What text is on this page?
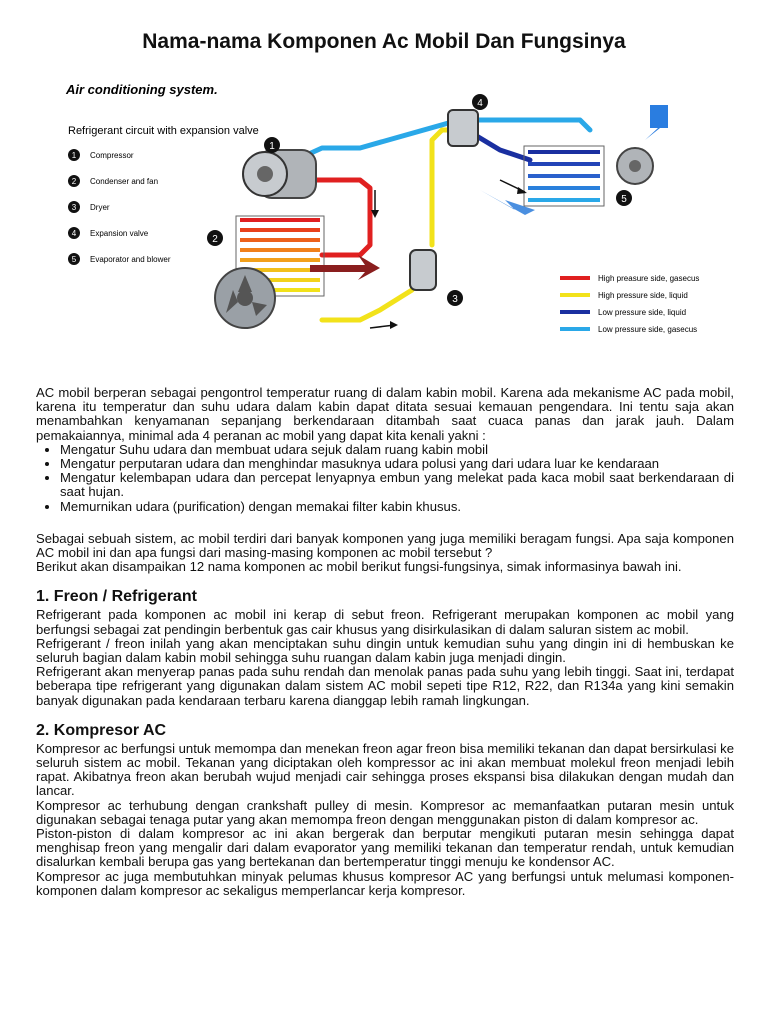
Nama-nama Komponen Ac Mobil Dan Fungsinya
Air conditioning system.
Refrigerant circuit with expansion valve
1 Compressor
2 Condenser and fan
3 Dryer
4 Expansion valve
5 Evaporator and blower
1
3
4
5
2
High preasure side, gasecus
High pressure side, liquid
Low pressure side, liquid
Low pressure side, gasecus

AC mobil berperan sebagai pengontrol temperatur ruang di dalam kabin mobil. Karena ada mekanisme AC pada mobil, karena itu temperatur dan suhu udara dalam kabin dapat ditata sesuai kemauan pengendara. Ini tentu saja akan menambahkan kenyamanan sepanjang berkendaraan ditambah saat cuaca panas dan jarak jauh. Dalam pemakaiannya, minimal ada 4 peranan ac mobil yang dapat kita kenali yakni :

• Mengatur Suhu udara dan membuat udara sejuk dalam ruang kabin mobil
• Mengatur perputaran udara dan menghindar masuknya udara polusi yang dari udara luar ke kendaraan
• Mengatur kelembapan udara dan percepat lenyapnya embun yang melekat pada kaca mobil saat berkendaraan di saat hujan.
• Memurnikan udara (purification) dengan memakai filter kabin khusus.

Sebagai sebuah sistem, ac mobil terdiri dari banyak komponen yang juga memiliki beragam fungsi. Apa saja komponen AC mobil ini dan apa fungsi dari masing-masing komponen ac mobil tersebut ?

Berikut akan disampaikan 12 nama komponen ac mobil berikut fungsi-fungsinya, simak informasinya bawah ini.

1. Freon / Refrigerant

Refrigerant pada komponen ac mobil ini kerap di sebut freon. Refrigerant merupakan komponen ac mobil yang berfungsi sebagai zat pendingin berbentuk gas cair khusus yang disirkulasikan di dalam saluran sistem ac mobil.

Refrigerant / freon inilah yang akan menciptakan suhu dingin untuk kemudian suhu yang dingin ini di hembuskan ke seluruh bagian dalam kabin mobil sehingga suhu ruangan dalam kabin juga menjadi dingin.

Refrigerant akan menyerap panas pada suhu rendah dan menolak panas pada suhu yang lebih tinggi. Saat ini, terdapat beberapa tipe refrigerant yang digunakan dalam sistem AC mobil sepeti tipe R12, R22, dan R134a yang kini semakin banyak digunakan pada kendaraan terbaru karena dianggap lebih ramah lingkungan.

2. Kompresor AC

Kompresor ac berfungsi untuk memompa dan menekan freon agar freon bisa memiliki tekanan dan dapat bersirkulasi ke seluruh sistem ac mobil. Tekanan yang diciptakan oleh kompressor ac ini akan membuat molekul freon menjadi lebih rapat. Akibatnya freon akan berubah wujud menjadi cair sehingga proses ekspansi bisa dilakukan dengan mudah dan lancar.

Kompresor ac terhubung dengan crankshaft pulley di mesin. Kompresor ac memanfaatkan putaran mesin untuk digunakan sebagai tenaga putar yang akan memompa freon dengan menggunakan piston di dalam kompresor ac.

Piston-piston di dalam kompresor ac ini akan bergerak dan berputar mengikuti putaran mesin sehingga dapat menghisap freon yang mengalir dari dalam evaporator yang memiliki tekanan dan temperatur rendah, untuk kemudian disalurkan kembali berupa gas yang bertekanan dan bertemperatur tinggi menuju ke kondensor AC.

Kompresor ac juga membutuhkan minyak pelumas khusus kompresor AC yang berfungsi untuk melumasi komponen-komponen dalam kompresor ac sekaligus memperlancar kerja kompresor.
